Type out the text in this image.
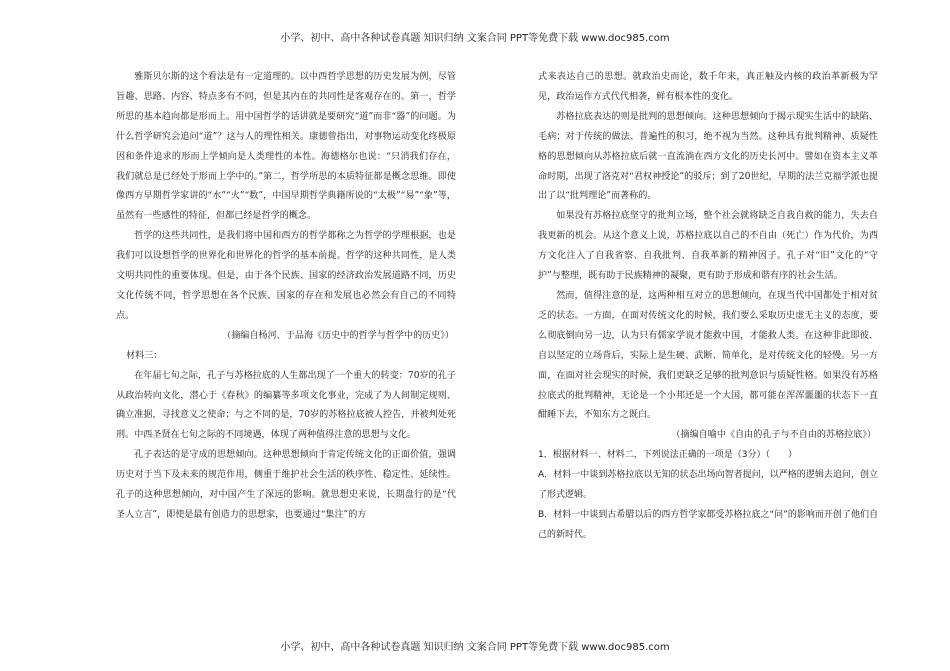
小学、初中、高中各种试卷真题 知识归纳 文案合同 PPT等免费下载 www.doc985.com

雅斯贝尔斯的这个看法是有一定道理的。以中西哲学思想的历史发展为例，尽管旨趣、思路、内容、特点多有不同，但是其内在的共同性是客观存在的。第一，哲学所思的基本趋向都是形而上。用中国哲学的话讲就是要研究“道”而非“器”的问题。为什么哲学研究会追问“道”？这与人的理性相关。康德曾指出，对事物运动变化终极原因和条件追求的形而上学倾向是人类理性的本性。海德格尔也说：“只消我们存在，我们就总是已经处于形而上学中的。”第二，哲学所思的本质特征都是概念思维。即使像西方早期哲学家讲的“水”“火”“数”，中国早期哲学典籍所说的“太极”“易”“象”等，虽然有一些感性的特征，但都已经是哲学的概念。

哲学的这些共同性，是我们将中国和西方的哲学都称之为哲学的学理根据，也是我们可以设想哲学的世界化和世界化的哲学的基本前提。哲学的这种共同性，是人类文明共同性的重要体现。但是，由于各个民族、国家的经济政治发展道路不同，历史文化传统不同，哲学思想在各个民族、国家的存在和发展也必然会有自己的不同特点。

（摘编自杨河、于品海《历史中的哲学与哲学中的历史》）

材料三：

在年届七旬之际，孔子与苏格拉底的人生都出现了一个重大的转变：70岁的孔子从政治转向文化，潜心于《春秋》的编纂等多项文化事业，完成了为人间制定规则、确立准据，寻找意义之使命；与之不同的是，70岁的苏格拉底被人控告，并被判处死刑。中西圣贤在七旬之际的不同境遇，体现了两种值得注意的思想与文化。

孔子表达的是守成的思想倾向。这种思想倾向于肯定传统文化的正面价值，强调历史对于当下及未来的规范作用，侧重于维护社会生活的秩序性、稳定性、延续性。孔子的这种思想倾向，对中国产生了深远的影响。就思想史来说，长期盘行的是“代圣人立言”，即使是最有创造力的思想家，也要通过“集注”的方

式来表达自己的思想。就政治史而论，数千年来，真正触及内核的政治革新极为罕见，政治运作方式代代相袭，鲜有根本性的变化。

苏格拉底表达的则是批判的思想倾向。这种思想倾向于揭示现实生活中的缺陷、毛病；对于传统的做法、普遍性的积习，绝不视为当然。这种具有批判精神、质疑性格的思想倾向从苏格拉底后就一直流淌在西方文化的历史长河中。譬如在资本主义革命时期，出现了洛克对“君权神授论”的驳斥；到了20世纪，早期的法兰克福学派也提出了以“批判理论”而著称的。

如果没有苏格拉底坚守的批判立场，整个社会就将缺乏自我自救的能力，失去自我更新的机会。从这个意义上说，苏格拉底以自己的不自由（死亡）作为代价，为西方文化注入了自我省察、自我批判、自我革新的精神因子。孔子对“旧”文化的“守护”与整理，既有助于民族精神的凝聚，更有助于形成和谐有序的社会生活。

然而，值得注意的是，这两种相互对立的思想倾向，在现当代中国都处于相对贫乏的状态。一方面，在面对传统文化的时候，我们要么采取历史虚无主义的态度，要么彻底倒向另一边，认为只有儒家学说才能救中国，才能救人类。在这种非此即彼、自以坚定的立场背后，实际上是生硬、武断、简单化，是对传统文化的轻慢。另一方面，在面对社会现实的时候，我们更缺乏足够的批判意识与质疑性格。如果没有苏格拉底式的批判精神，无论是一个小邦还是一个大国，都可能在浑浑噩噩的状态下一直酣睡下去，不知东方之既白。

（摘编自喻中《自由的孔子与不自由的苏格拉底》）

1．根据材料一、材料二，下列说法正确的一项是（3分）（　　）

A．材料一中谈到苏格拉底以无知的状态出场向智者提问，以严格的逻辑去追问，创立了形式逻辑。

B．材料一中谈到古希腊以后的西方哲学家都受苏格拉底之“问”的影响而开创了他们自己的新时代。

小学、初中、高中各种试卷真题 知识归纳 文案合同 PPT等免费下载 www.doc985.com
